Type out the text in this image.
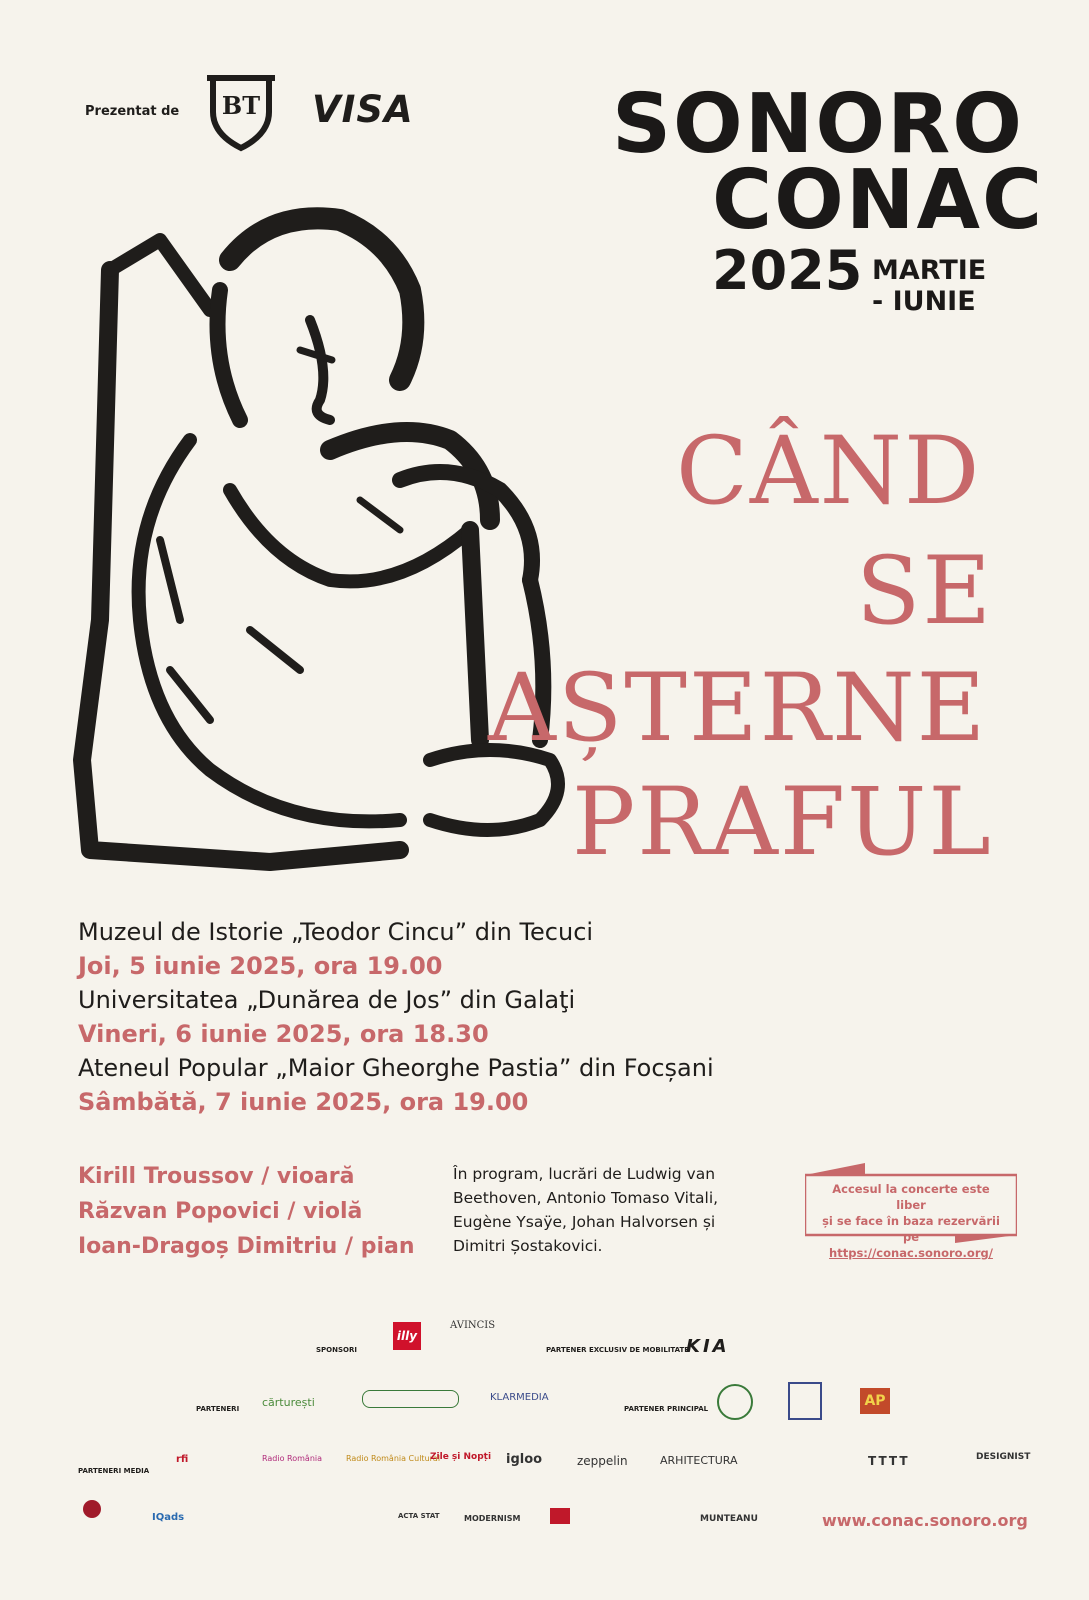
Prezentat de BT VISA SONORO
CONAC
2025 MARTIE
- IUNIE
CÂND
SE
AȘTERNE
PRAFUL
Muzeul de Istorie „Teodor Cincu” din Tecuci
Joi, 5 iunie 2025, ora 19.00
Universitatea „Dunărea de Jos” din Galaţi
Vineri, 6 iunie 2025, ora 18.30
Ateneul Popular „Maior Gheorghe Pastia” din Focșani
Sâmbătă, 7 iunie 2025, ora 19.00
Kirill Troussov / vioară
Răzvan Popovici / violă
Ioan-Dragoș Dimitriu / pian
În program, lucrări de Ludwig van
Beethoven, Antonio Tomaso Vitali,
Eugène Ysaÿe, Johan Halvorsen și
Dimitri Șostakovici.
Accesul la concerte este liber
și se face în baza rezervării pe
https://conac.sonoro.org/
SPONSORI
illy
AVINCIS
PARTENER EXCLUSIV DE MOBILITATE
KIA
PARTENERI cărturești	KLARMEDIA
PARTENER PRINCIPAL	AP
PARTENERI MEDIA
rfi	Radio România	Radio România Cultural
Zile și Nopți igloo	zeppelin	ARHITECTURA	TTTT	DESIGNIST
IQads	ACTA STAT	MODERNISM	MUNTEANU	www.conac.sonoro.org
